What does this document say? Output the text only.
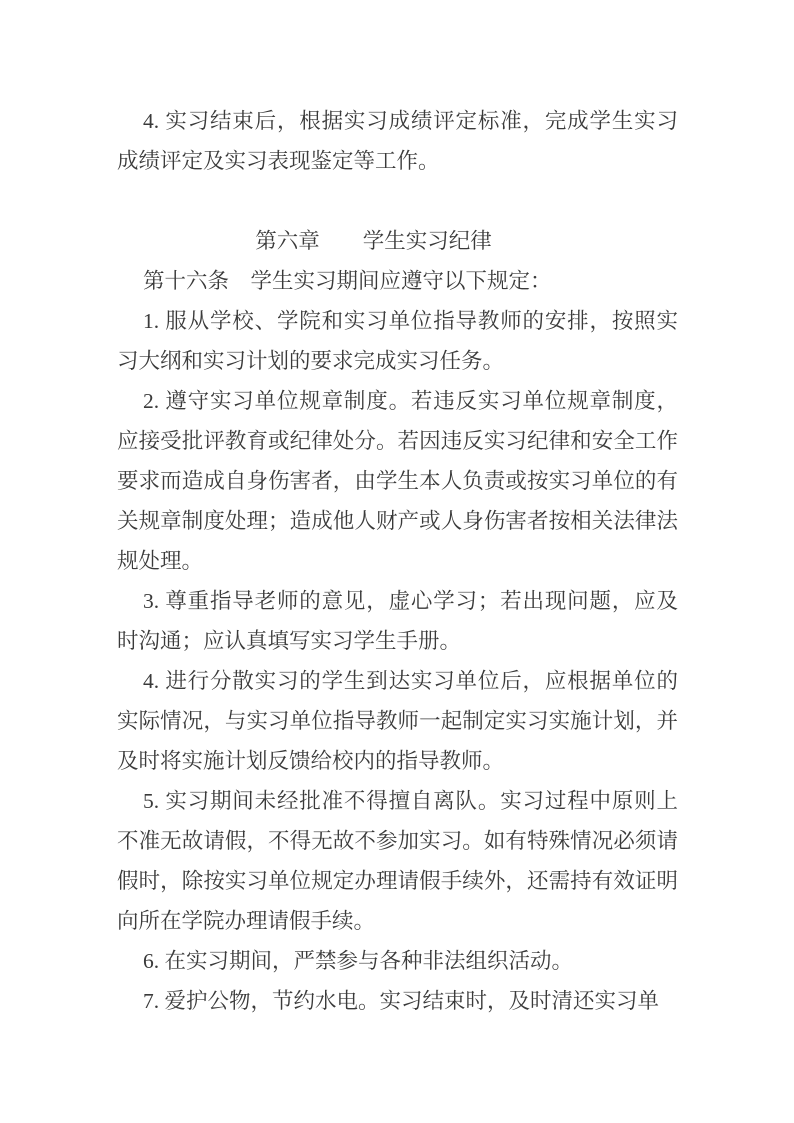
4. 实习结束后，根据实习成绩评定标准，完成学生实习成绩评定及实习表现鉴定等工作。

第六章　　学生实习纪律

第十六条　学生实习期间应遵守以下规定：

1. 服从学校、学院和实习单位指导教师的安排，按照实习大纲和实习计划的要求完成实习任务。

2. 遵守实习单位规章制度。若违反实习单位规章制度，应接受批评教育或纪律处分。若因违反实习纪律和安全工作要求而造成自身伤害者，由学生本人负责或按实习单位的有关规章制度处理；造成他人财产或人身伤害者按相关法律法规处理。

3. 尊重指导老师的意见，虚心学习；若出现问题，应及时沟通；应认真填写实习学生手册。

4. 进行分散实习的学生到达实习单位后，应根据单位的实际情况，与实习单位指导教师一起制定实习实施计划，并及时将实施计划反馈给校内的指导教师。

5. 实习期间未经批准不得擅自离队。实习过程中原则上不准无故请假，不得无故不参加实习。如有特殊情况必须请假时，除按实习单位规定办理请假手续外，还需持有效证明向所在学院办理请假手续。

6. 在实习期间，严禁参与各种非法组织活动。

7. 爱护公物，节约水电。实习结束时，及时清还实习单
